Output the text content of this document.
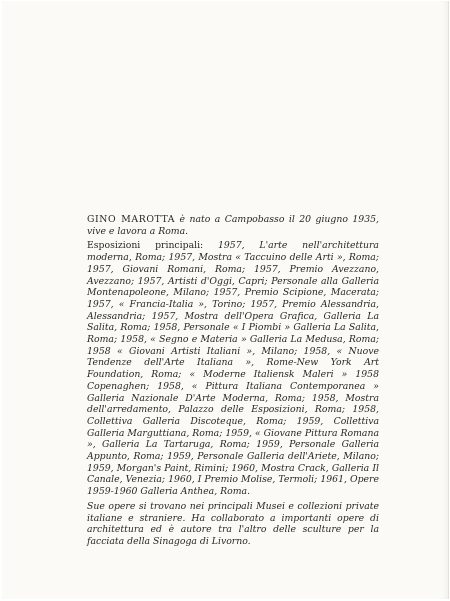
GINO MAROTTA è nato a Campobasso il 20 giugno 1935, vive e lavora a Roma.

Esposizioni principali: 1957, L'arte nell'architettura moderna, Roma; 1957, Mostra « Taccuino delle Arti », Roma; 1957, Giovani Romani, Roma; 1957, Premio Avezzano, Avezzano; 1957, Artisti d'Oggi, Capri; Personale alla Galleria Montenapoleone, Milano; 1957, Premio Scipione, Macerata; 1957, « Francia-Italia », Torino; 1957, Premio Alessandria, Alessandria; 1957, Mostra dell'Opera Grafica, Galleria La Salita, Roma; 1958, Personale « I Piombi » Galleria La Salita, Roma; 1958, « Segno e Materia » Galleria La Medusa, Roma; 1958 « Giovani Artisti Italiani », Milano; 1958, « Nuove Tendenze dell'Arte Italiana », Rome-New York Art Foundation, Roma; « Moderne Italiensk Maleri » 1958 Copenaghen; 1958, « Pittura Italiana Contemporanea » Galleria Nazionale D'Arte Moderna, Roma; 1958, Mostra dell'arredamento, Palazzo delle Esposizioni, Roma; 1958, Collettiva Galleria Discoteque, Roma; 1959, Collettiva Galleria Marguttiana, Roma; 1959, « Giovane Pittura Romana », Galleria La Tartaruga, Roma; 1959, Personale Galleria Appunto, Roma; 1959, Personale Galleria dell'Ariete, Milano; 1959, Morgan's Paint, Rimini; 1960, Mostra Crack, Galleria Il Canale, Venezia; 1960, I Premio Molise, Termoli; 1961, Opere 1959-1960 Galleria Anthea, Roma.

Sue opere si trovano nei principali Musei e collezioni private italiane e straniere. Ha collaborato a importanti opere di architettura ed è autore tra l'altro delle sculture per la facciata della Sinagoga di Livorno.
